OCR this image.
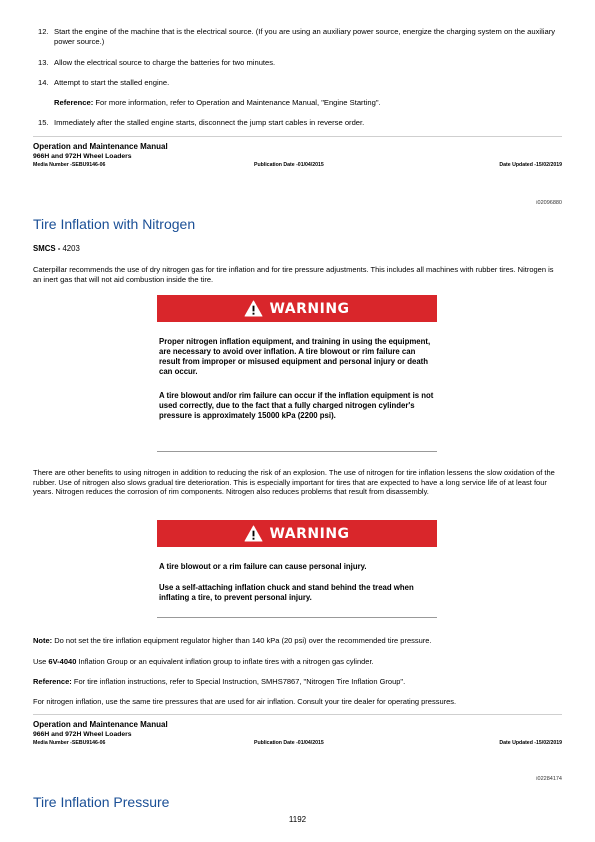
12. Start the engine of the machine that is the electrical source. (If you are using an auxiliary power source, energize the charging system on the auxiliary power source.)
13. Allow the electrical source to charge the batteries for two minutes.
14. Attempt to start the stalled engine.
Reference: For more information, refer to Operation and Maintenance Manual, "Engine Starting".
15. Immediately after the stalled engine starts, disconnect the jump start cables in reverse order.
Operation and Maintenance Manual
966H and 972H Wheel Loaders
Media Number -SEBU9146-06	Publication Date -01/04/2015	Date Updated -15/02/2019
i02096880
Tire Inflation with Nitrogen
SMCS - 4203
Caterpillar recommends the use of dry nitrogen gas for tire inflation and for tire pressure adjustments. This includes all machines with rubber tires. Nitrogen is an inert gas that will not aid combustion inside the tire.
WARNING
Proper nitrogen inflation equipment, and training in using the equipment, are necessary to avoid over inflation. A tire blowout or rim failure can result from improper or misused equipment and personal injury or death can occur.
A tire blowout and/or rim failure can occur if the inflation equipment is not used correctly, due to the fact that a fully charged nitrogen cylinder's pressure is approximately 15000 kPa (2200 psi).
There are other benefits to using nitrogen in addition to reducing the risk of an explosion. The use of nitrogen for tire inflation lessens the slow oxidation of the rubber. Use of nitrogen also slows gradual tire deterioration. This is especially important for tires that are expected to have a long service life of at least four years. Nitrogen reduces the corrosion of rim components. Nitrogen also reduces problems that result from disassembly.
WARNING
A tire blowout or a rim failure can cause personal injury.
Use a self-attaching inflation chuck and stand behind the tread when inflating a tire, to prevent personal injury.
Note: Do not set the tire inflation equipment regulator higher than 140 kPa (20 psi) over the recommended tire pressure.
Use 6V-4040 Inflation Group or an equivalent inflation group to inflate tires with a nitrogen gas cylinder.
Reference: For tire inflation instructions, refer to Special Instruction, SMHS7867, "Nitrogen Tire Inflation Group".
For nitrogen inflation, use the same tire pressures that are used for air inflation. Consult your tire dealer for operating pressures.
Operation and Maintenance Manual
966H and 972H Wheel Loaders
Media Number -SEBU9146-06	Publication Date -01/04/2015	Date Updated -15/02/2019
i02284174
Tire Inflation Pressure
1192
